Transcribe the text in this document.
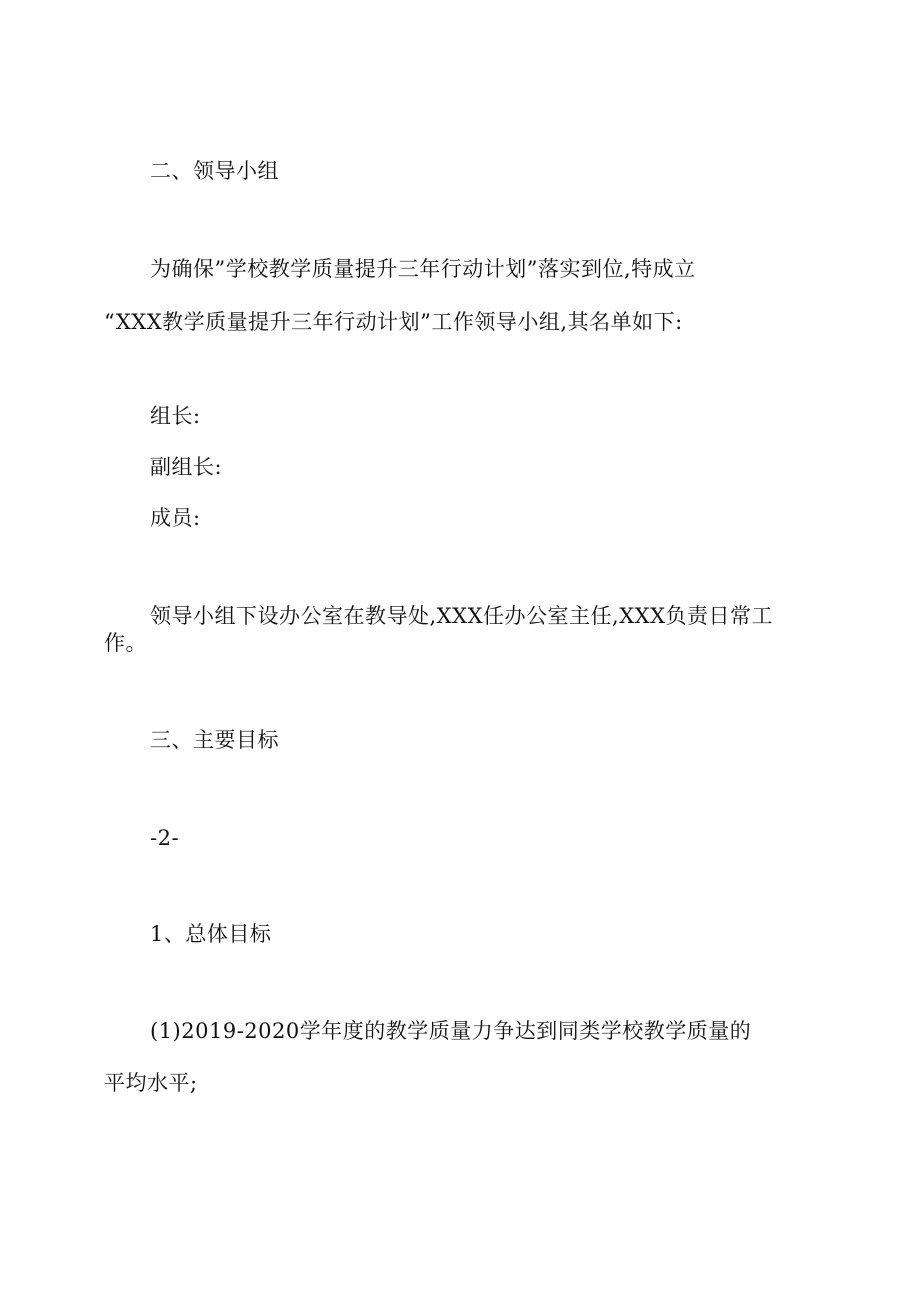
二、领导小组
为确保”学校教学质量提升三年行动计划”落实到位,特成立
“XXX教学质量提升三年行动计划”工作领导小组,其名单如下:
组长:
副组长:
成员:
领导小组下设办公室在教导处,XXX任办公室主任,XXX负责日常工
作。
三、主要目标
-2-
1、总体目标
(1)2019-2020学年度的教学质量力争达到同类学校教学质量的
平均水平;
